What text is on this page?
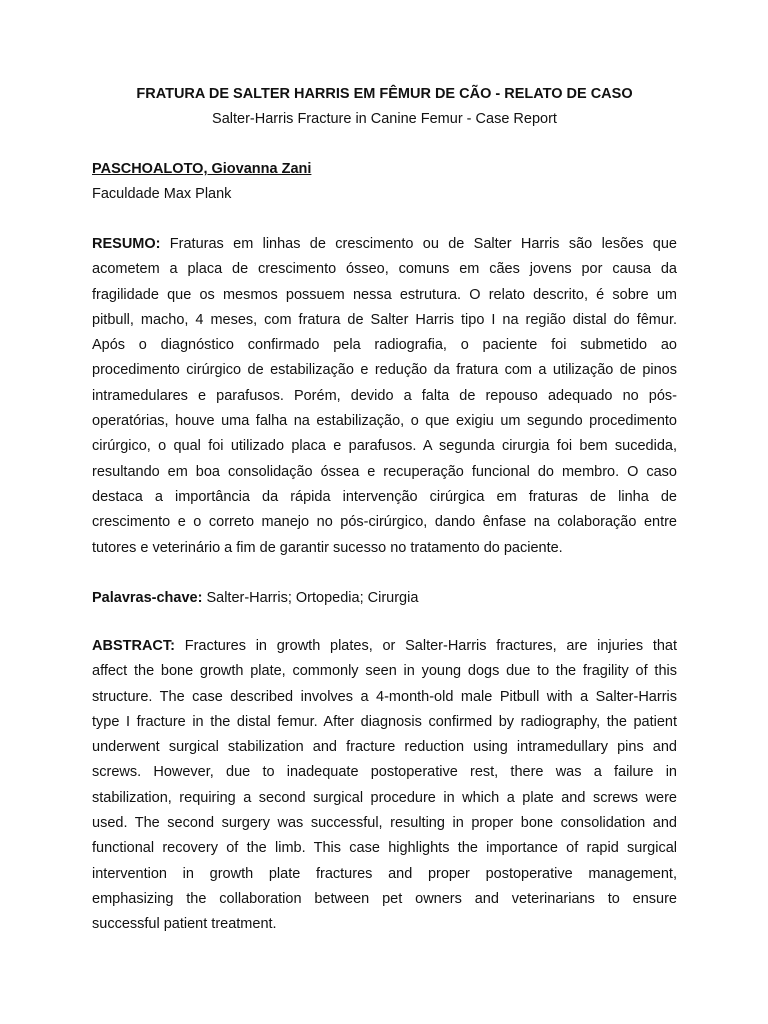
FRATURA DE SALTER HARRIS EM FÊMUR DE CÃO - RELATO DE CASO
Salter-Harris Fracture in Canine Femur - Case Report
PASCHOALOTO, Giovanna Zani
Faculdade Max Plank
RESUMO: Fraturas em linhas de crescimento ou de Salter Harris são lesões que
acometem a placa de crescimento ósseo, comuns em cães jovens por causa da
fragilidade que os mesmos possuem nessa estrutura. O relato descrito, é sobre um
pitbull, macho, 4 meses, com fratura de Salter Harris tipo I na região distal do fêmur.
Após o diagnóstico confirmado pela radiografia, o paciente foi submetido ao
procedimento cirúrgico de estabilização e redução da fratura com a utilização de pinos
intramedulares e parafusos. Porém, devido a falta de repouso adequado no pós-
operatórias, houve uma falha na estabilização, o que exigiu um segundo procedimento
cirúrgico, o qual foi utilizado placa e parafusos. A segunda cirurgia foi bem sucedida,
resultando em boa consolidação óssea e recuperação funcional do membro. O caso
destaca a importância da rápida intervenção cirúrgica em fraturas de linha de
crescimento e o correto manejo no pós-cirúrgico, dando ênfase na colaboração entre
tutores e veterinário a fim de garantir sucesso no tratamento do paciente.
Palavras-chave: Salter-Harris; Ortopedia; Cirurgia
ABSTRACT: Fractures in growth plates, or Salter-Harris fractures, are injuries that
affect the bone growth plate, commonly seen in young dogs due to the fragility of this
structure. The case described involves a 4-month-old male Pitbull with a Salter-Harris
type I fracture in the distal femur. After diagnosis confirmed by radiography, the patient
underwent surgical stabilization and fracture reduction using intramedullary pins and
screws. However, due to inadequate postoperative rest, there was a failure in
stabilization, requiring a second surgical procedure in which a plate and screws were
used. The second surgery was successful, resulting in proper bone consolidation and
functional recovery of the limb. This case highlights the importance of rapid surgical
intervention in growth plate fractures and proper postoperative management,
emphasizing the collaboration between pet owners and veterinarians to ensure
successful patient treatment.
